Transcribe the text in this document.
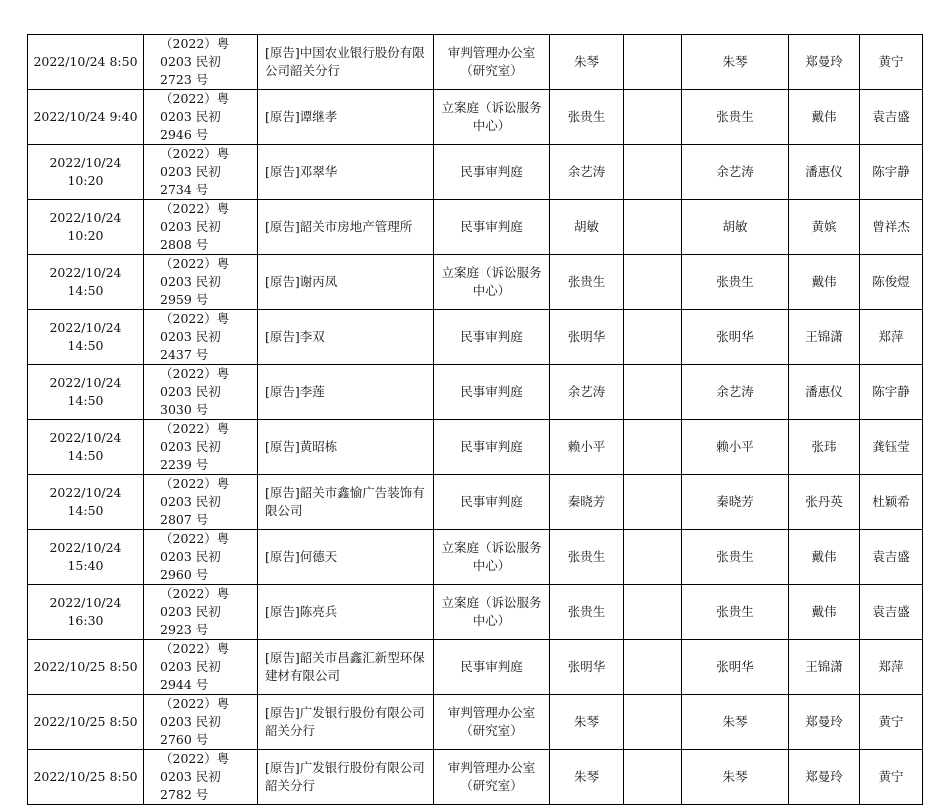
2022/10/24 8:50	（2022）粤 0203 民初 2723 号	[原告]中国农业银行股份有限公司韶关分行	审判管理办公室（研究室）	朱琴		朱琴	郑曼玲	黄宁
2022/10/24 9:40	（2022）粤 0203 民初 2946 号	[原告]谭继孝	立案庭（诉讼服务中心）	张贵生		张贵生	戴伟	袁吉盛
2022/10/24 10:20	（2022）粤 0203 民初 2734 号	[原告]邓翠华	民事审判庭	余艺涛		余艺涛	潘惠仪	陈宇静
2022/10/24 10:20	（2022）粤 0203 民初 2808 号	[原告]韶关市房地产管理所	民事审判庭	胡敏		胡敏	黄嫔	曾祥杰
2022/10/24 14:50	（2022）粤 0203 民初 2959 号	[原告]谢丙凤	立案庭（诉讼服务中心）	张贵生		张贵生	戴伟	陈俊煜
2022/10/24 14:50	（2022）粤 0203 民初 2437 号	[原告]李双	民事审判庭	张明华		张明华	王锦潇	郑萍
2022/10/24 14:50	（2022）粤 0203 民初 3030 号	[原告]李莲	民事审判庭	余艺涛		余艺涛	潘惠仪	陈宇静
2022/10/24 14:50	（2022）粤 0203 民初 2239 号	[原告]黄昭栋	民事审判庭	赖小平		赖小平	张玮	龚钰莹
2022/10/24 14:50	（2022）粤 0203 民初 2807 号	[原告]韶关市鑫愉广告装饰有限公司	民事审判庭	秦晓芳		秦晓芳	张丹英	杜颖希
2022/10/24 15:40	（2022）粤 0203 民初 2960 号	[原告]何德天	立案庭（诉讼服务中心）	张贵生		张贵生	戴伟	袁吉盛
2022/10/24 16:30	（2022）粤 0203 民初 2923 号	[原告]陈亮兵	立案庭（诉讼服务中心）	张贵生		张贵生	戴伟	袁吉盛
2022/10/25 8:50	（2022）粤 0203 民初 2944 号	[原告]韶关市昌鑫汇新型环保建材有限公司	民事审判庭	张明华		张明华	王锦潇	郑萍
2022/10/25 8:50	（2022）粤 0203 民初 2760 号	[原告]广发银行股份有限公司韶关分行	审判管理办公室（研究室）	朱琴		朱琴	郑曼玲	黄宁
2022/10/25 8:50	（2022）粤 0203 民初 2782 号	[原告]广发银行股份有限公司韶关分行	审判管理办公室（研究室）	朱琴		朱琴	郑曼玲	黄宁
